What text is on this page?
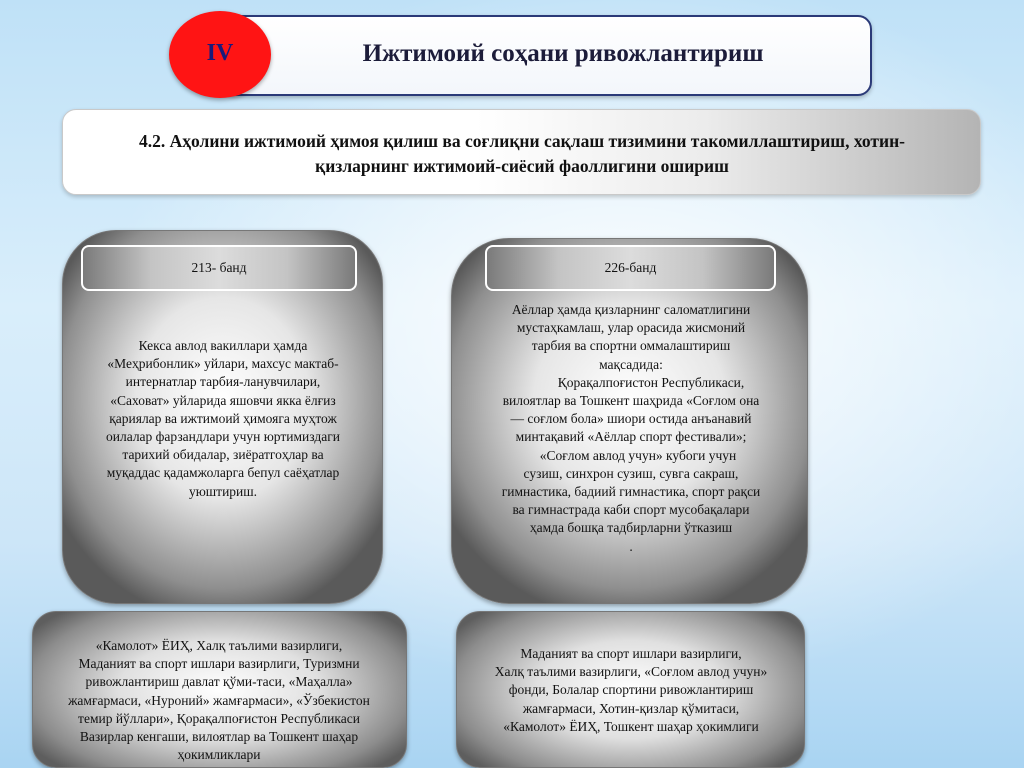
Ижтимоий соҳани ривожлантириш
IV
4.2. Аҳолини ижтимоий ҳимоя қилиш ва соғлиқни сақлаш тизимини такомиллаштириш, хотин-
қизларнинг ижтимоий-сиёсий фаоллигини ошириш
213- банд
Кекса авлод вакиллари ҳамда
«Меҳрибонлик» уйлари, махсус мактаб-
интернатлар тарбия-ланувчилари,
«Саховат» уйларида яшовчи якка ёлғиз
қариялар ва ижтимоий ҳимояга муҳтож
оилалар фарзандлари учун юртимиздаги
тарихий обидалар, зиёратгоҳлар ва
муқаддас қадамжоларга бепул саёҳатлар
уюштириш.
226-банд
Аёллар ҳамда қизларнинг саломатлигини
мустаҳкамлаш, улар орасида жисмоний
тарбия ва спортни оммалаштириш
мақсадида:
Қорақалпоғистон Республикаси,
вилоятлар ва Тошкент шаҳрида «Соғлом она
— соғлом бола» шиори остида анъанавий
минтақавий «Аёллар спорт фестивали»;
«Соғлом авлод учун» кубоги учун
сузиш, синхрон сузиш, сувга сакраш,
гимнастика, бадиий гимнастика, спорт рақси
ва гимнастрада каби спорт мусобақалари
ҳамда бошқа тадбирларни ўтказиш
.
«Камолот» ЁИҲ, Халқ таълими вазирлиги,
Маданият ва спорт ишлари вазирлиги, Туризмни
ривожлантириш давлат қўми-таси, «Маҳалла»
жамғармаси, «Нуроний» жамғармаси», «Ўзбекистон
темир йўллари», Қорақалпоғистон Республикаси
Вазирлар кенгаши, вилоятлар ва Тошкент шаҳар
ҳокимликлари
Маданият ва спорт ишлари вазирлиги,
Халқ таълими вазирлиги, «Соғлом авлод учун»
фонди, Болалар спортини ривожлантириш
жамғармаси, Хотин-қизлар қўмитаси,
«Камолот» ЁИҲ, Тошкент шаҳар ҳокимлиги
